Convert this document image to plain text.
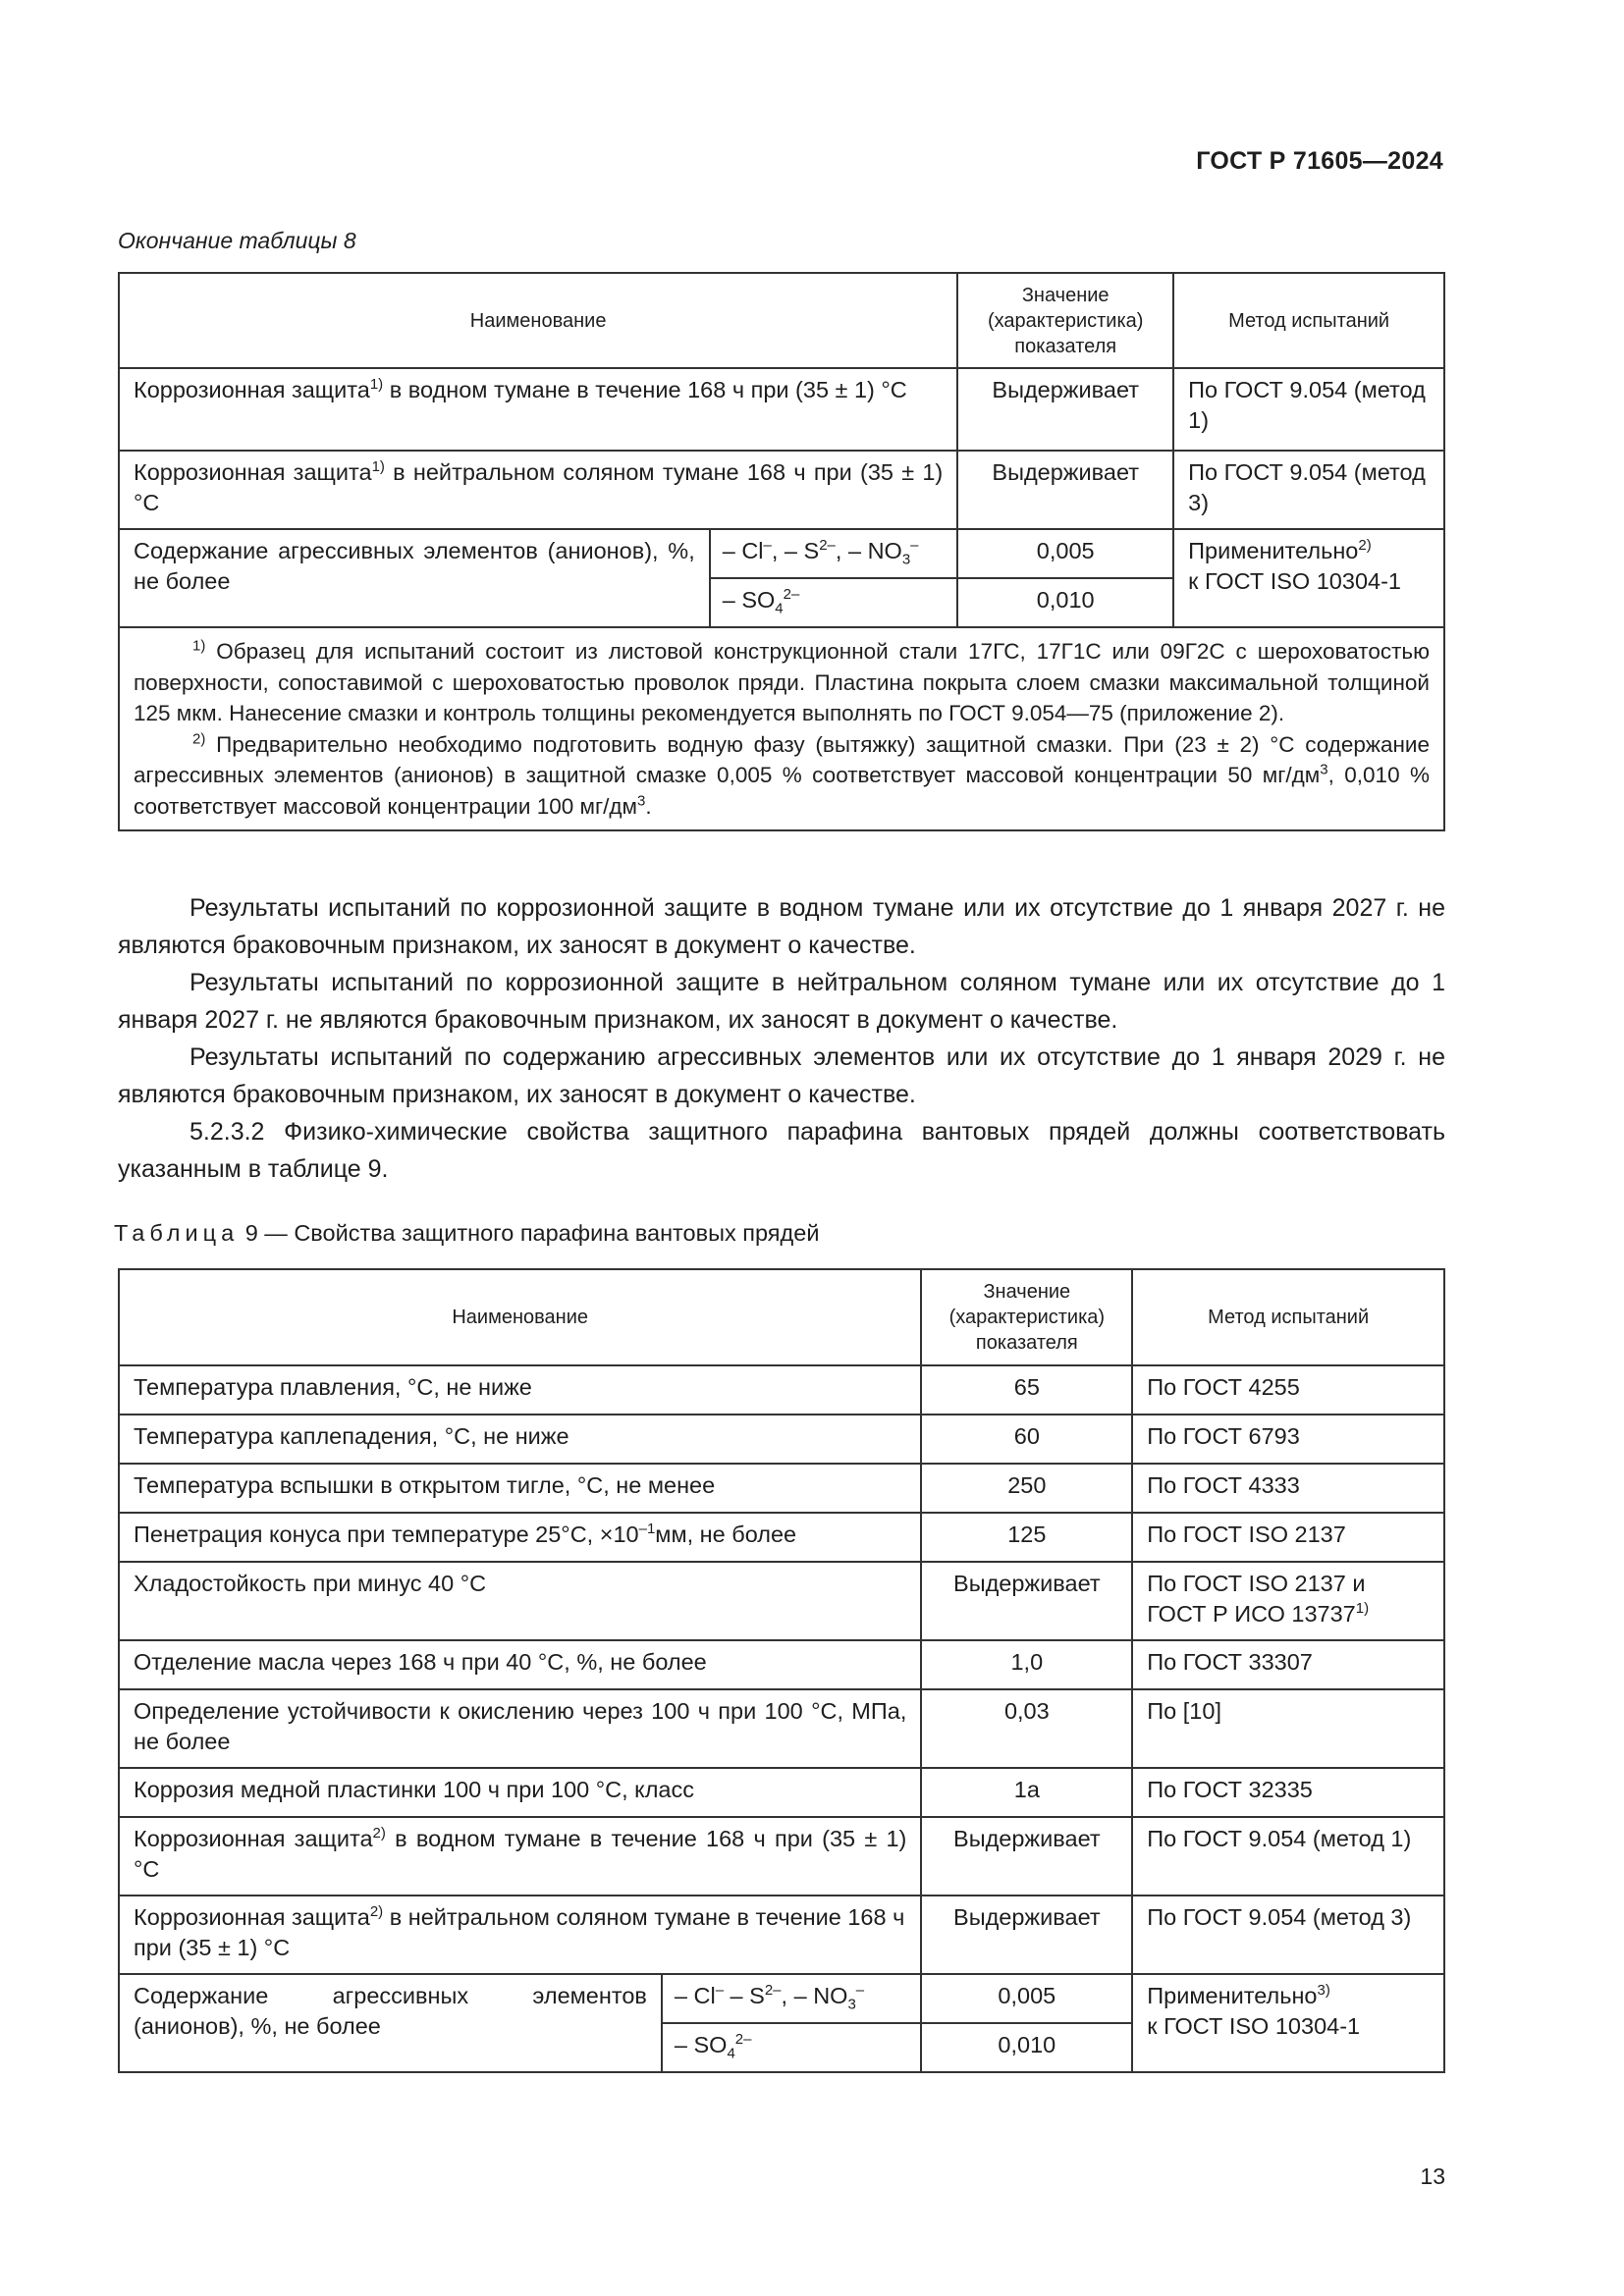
ГОСТ Р 71605—2024
Окончание таблицы 8
Наименование		Значение (характеристика) показателя	Метод испытаний
Коррозионная защита$^{1)}$ в водном тумане в течение 168 ч при (35 ± 1) °С		Выдерживает	По ГОСТ 9.054 (метод 1)
Коррозионная защита$^{1)}$ в нейтральном соляном тумане 168 ч при (35 ± 1) °С		Выдерживает	По ГОСТ 9.054 (метод 3)
Содержание агрессивных элементов (анионов), %, не более	– Cl–, – $S^{2-}$, – $NO_3^-$	0,005	Применительно$^{2)}$
к ГОСТ ISO 10304-1
	– $SO_4^{2-}$	0,010	

$^{1)}$ Образец для испытаний состоит из листовой конструкционной стали 17ГС, 17Г1С или 09Г2С с шероховатостью поверхности, сопоставимой с шероховатостью проволок пряди. Пластина покрыта слоем смазки максимальной толщиной 125 мкм. Нанесение смазки и контроль толщины рекомендуется выполнять по ГОСТ 9.054—75 (приложение 2).

$^{2)}$ Предварительно необходимо подготовить водную фазу (вытяжку) защитной смазки. При (23 ± 2) °С содержание агрессивных элементов (анионов) в защитной смазке 0,005 % соответствует массовой концентрации 50 $мг/дм^3$, 0,010 % соответствует массовой концентрации 100 $мг/дм^3$.			

Результаты испытаний по коррозионной защите в водном тумане или их отсутствие до 1 января 2027 г. не являются браковочным признаком, их заносят в документ о качестве.

Результаты испытаний по коррозионной защите в нейтральном соляном тумане или их отсутствие до 1 января 2027 г. не являются браковочным признаком, их заносят в документ о качестве.

Результаты испытаний по содержанию агрессивных элементов или их отсутствие до 1 января 2029 г. не являются браковочным признаком, их заносят в документ о качестве.

5.2.3.2 Физико-химические свойства защитного парафина вантовых прядей должны соответствовать указанным в таблице 9.

Таблица 9 — Свойства защитного парафина вантовых прядей
Наименование		Значение (характеристика) показателя	Метод испытаний
Температура плавления, °С, не ниже		65	По ГОСТ 4255
Температура каплепадения, °С, не ниже		60	По ГОСТ 6793
Температура вспышки в открытом тигле, °С, не менее		250	По ГОСТ 4333
Пенетрация конуса при температуре 25°С, $\times 10^{-1}мм$, не более		125	По ГОСТ ISO 2137
Хладостойкость при минус 40 °С		Выдерживает	По ГОСТ ISO 2137 и ГОСТ Р ИСО 13737$^{1)}$
Отделение масла через 168 ч при 40 °С, %, не более		1,0	По ГОСТ 33307
Определение устойчивости к окислению через 100 ч при 100 °С, МПа, не более		0,03	По [10]
Коррозия медной пластинки 100 ч при 100 °С, класс		1а	По ГОСТ 32335
Коррозионная защита$^{2)}$ в водном тумане в течение 168 ч при (35 ± 1) °С		Выдерживает	По ГОСТ 9.054 (метод 1)
Коррозионная защита$^{2)}$ в нейтральном соляном тумане в течение 168 ч при (35 ± 1) °С		Выдерживает	По ГОСТ 9.054 (метод 3)
Содержание агрессивных элементов (анионов), %, не более	– $Cl^- - S^{2-}$, – $NO_3^-$	0,005	Применительно$^{3)}$
к ГОСТ ISO 10304-1
	– $SO_4^{2-}$	0,010	
13
